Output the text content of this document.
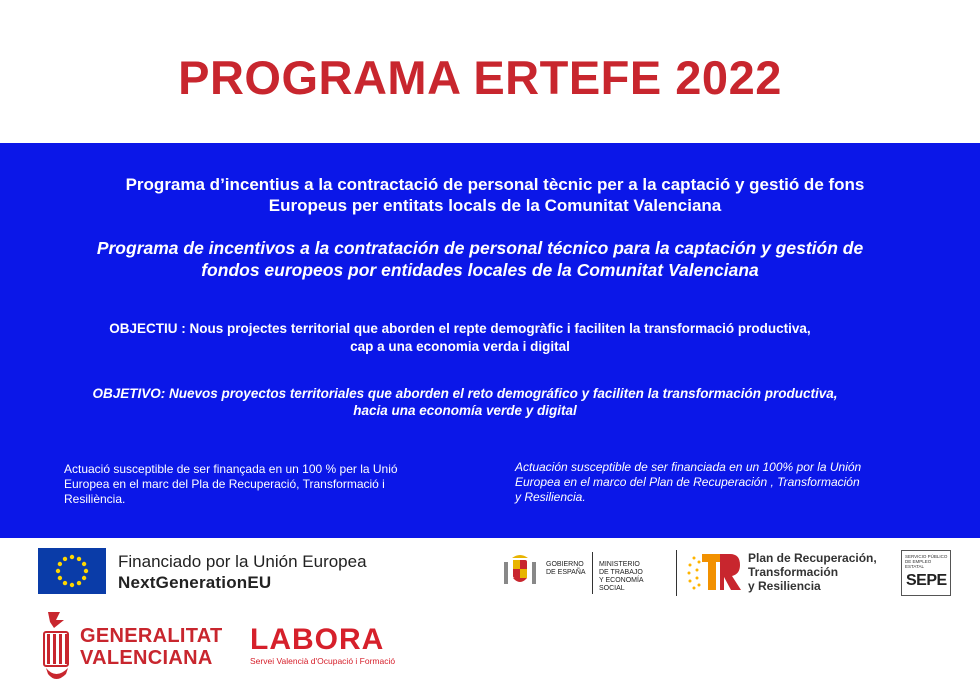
PROGRAMA ERTEFE 2022
Programa d’incentius a la contractació de personal tècnic per a la captació y gestió de fons
Europeus per entitats locals de la Comunitat Valenciana
Programa de incentivos a la contratación de personal técnico para la captación y gestión de
fondos europeos por entidades locales de la Comunitat Valenciana
OBJECTIU : Nous projectes territorial que aborden el repte demogràfic i faciliten la transformació productiva,
cap a una economia verda i digital
OBJETIVO: Nuevos proyectos territoriales que aborden el reto demográfico y faciliten la transformación productiva,
hacia una economía verde y digital
Actuació susceptible de ser finançada en un 100 % per la Unió
Europea en el marc del Pla de Recuperació, Transformació i
Resiliència.
Actuación susceptible de ser financiada en un 100% por la Unión
Europea en el marco del Plan de Recuperación , Transformación
y Resiliencia.
Financiado por la Unión Europea
NextGenerationEU
GOBIERNO
DE ESPAÑA
MINISTERIO
DE TRABAJO
Y ECONOMÍA SOCIAL
Plan de Recuperación,
Transformación
y Resiliencia
SERVICIO PÚBLICO
DE EMPLEO ESTATAL
SEPE
GENERALITAT
VALENCIANA
LABORA
Servei Valencià d'Ocupació i Formació
